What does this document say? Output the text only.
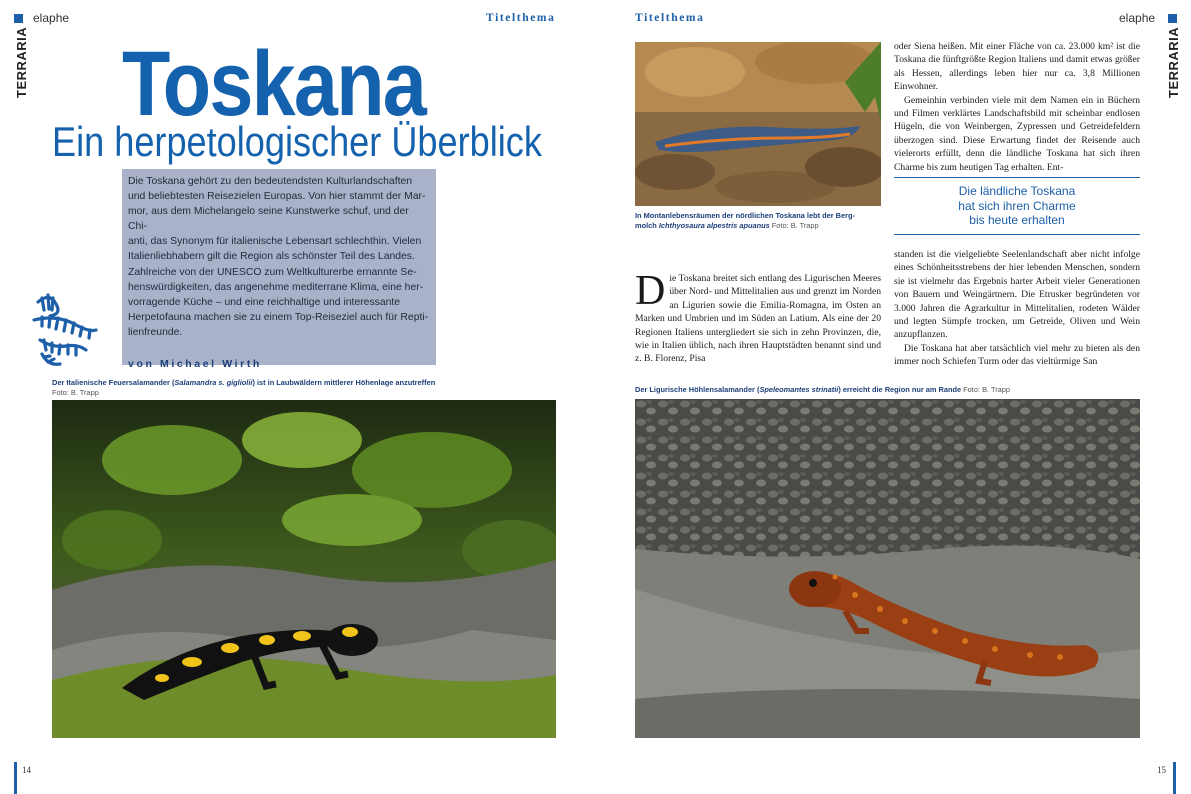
elaphe	Titelthema
TERRARIA
Titelthema	elaphe
TERRARIA
Toskana
Ein herpetologischer Überblick
Die Toskana gehört zu den bedeutendsten Kulturlandschaften
und beliebtesten Reisezielen Europas. Von hier stammt der Mar-
mor, aus dem Michelangelo seine Kunstwerke schuf, und der Chi-
anti, das Synonym für italienische Lebensart schlechthin. Vielen
Italienliebhabern gilt die Region als schönster Teil des Landes.
Zahlreiche von der UNESCO zum Weltkulturerbe ernannte Se-
henswürdigkeiten, das angenehme mediterrane Klima, eine her-
vorragende Küche – und eine reichhaltige und interessante
Herpetofauna machen sie zu einem Top-Reiseziel auch für Repti-
lienfreunde.
von Michael Wirth
Der Italienische Feuersalamander (Salamandra s. gigliolii) ist in Laubwäldern mittlerer Höhenlage anzutreffen
Foto: B. Trapp
In Montanlebensräumen der nördlichen Toskana lebt der Berg-
molch Ichthyosaura alpestris apuanus Foto: B. Trapp

Die Toskana breitet sich entlang des Ligurischen Meeres über Nord- und Mittelitalien aus und grenzt im Norden an Ligurien sowie die Emilia-Romagna, im Osten an Marken und Umbrien und im Süden an Latium. Als eine der 20 Regionen Italiens untergliedert sie sich in zehn Provinzen, die, wie in Italien üblich, nach ihren Hauptstädten benannt sind und z. B. Florenz, Pisa

oder Siena heißen. Mit einer Fläche von ca. 23.000 km² ist die Toskana die fünftgrößte Region Italiens und damit etwas größer als Hessen, allerdings leben hier nur ca. 3,8 Millionen Einwohner.

Gemeinhin verbinden viele mit dem Namen ein in Büchern und Filmen verklärtes Landschaftsbild mit scheinbar endlosen Hügeln, die von Weinbergen, Zypressen und Getreidefeldern überzogen sind. Diese Erwartung findet der Reisende auch vielerorts erfüllt, denn die ländliche Toskana hat sich ihren Charme bis zum heutigen Tag erhalten. Ent-

Die ländliche Toskana
hat sich ihren Charme
bis heute erhalten

standen ist die vielgeliebte Seelenlandschaft aber nicht infolge eines Schönheitsstrebens der hier lebenden Menschen, sondern sie ist vielmehr das Ergebnis harter Arbeit vieler Generationen von Bauern und Weingärtnern. Die Etrusker begründeten vor 3.000 Jahren die Agrarkultur in Mittelitalien, rodeten Wälder und legten Sümpfe trocken, um Getreide, Oliven und Wein anzupflanzen.

Die Toskana hat aber tatsächlich viel mehr zu bieten als den immer noch Schiefen Turm oder das vieltürmige San

Der Ligurische Höhlensalamander (Speleomantes strinatii) erreicht die Region nur am Rande Foto: B. Trapp
14	15
